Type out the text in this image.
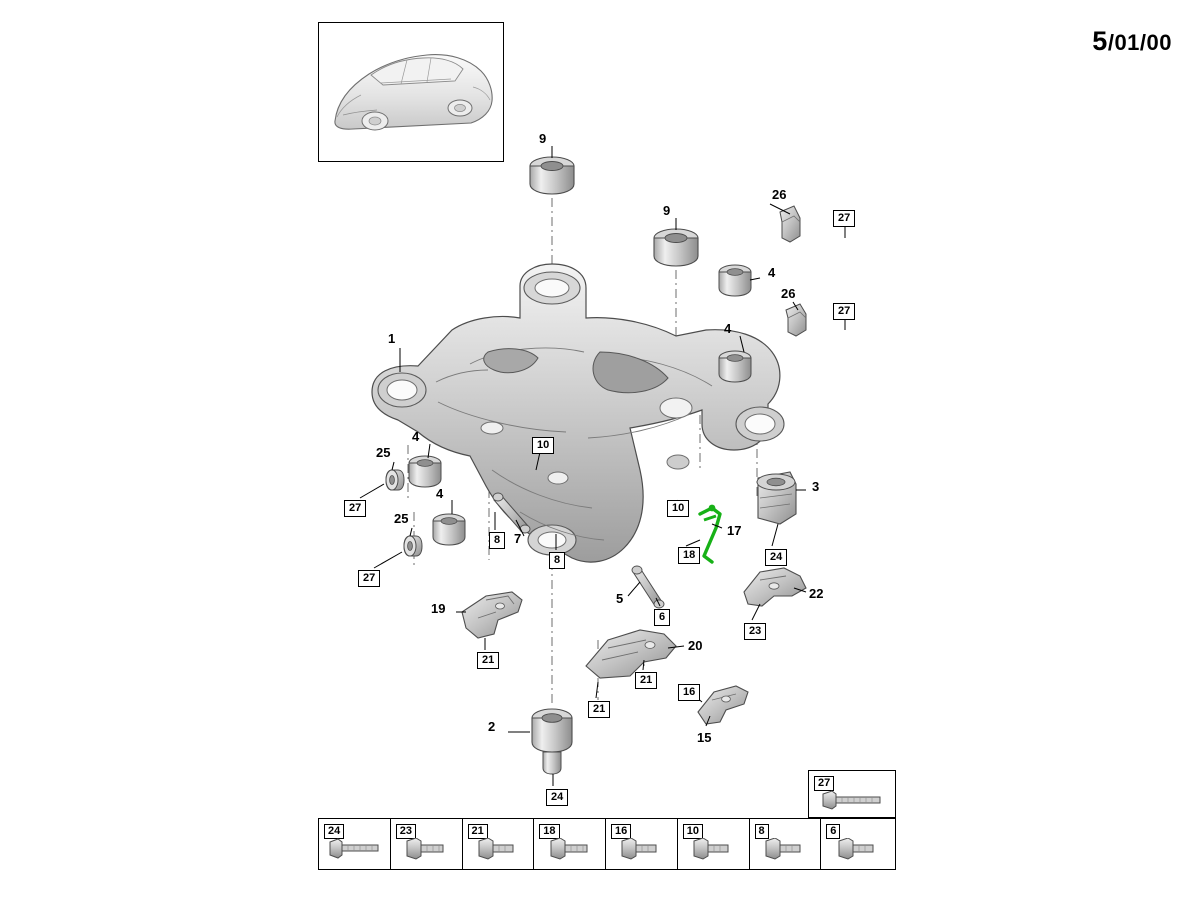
5/01/00
1
2
3
4
4
4
4
5
7
9
9
15
17
19
20
22
25
25
26
26
27
27
27
27
10
10
8
8	18	24
24
23
6
16
21
21
21
27
24	23	21	18	16	10	8	6
